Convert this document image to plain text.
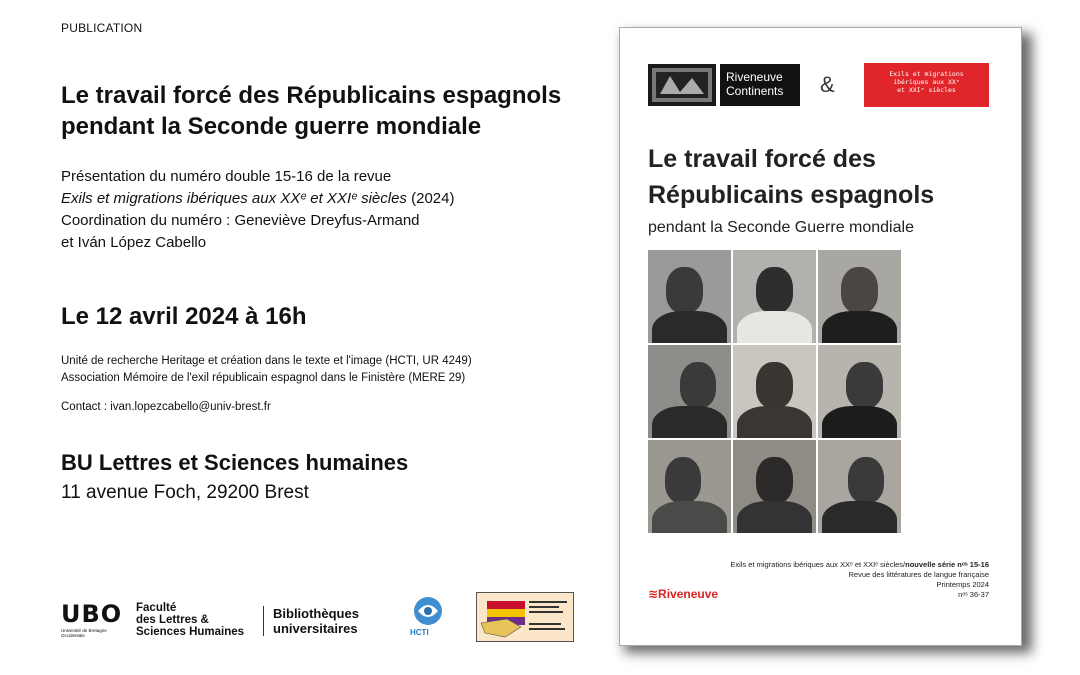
PUBLICATION
Le travail forcé des Républicains espagnols
pendant la Seconde guerre mondiale
Présentation du numéro double 15-16 de la revue
Exils et migrations ibériques aux XXᵉ et XXIᵉ siècles (2024)
Coordination du numéro : Geneviève Dreyfus-Armand
et Iván López Cabello
Le 12 avril 2024 à 16h
Unité de recherche Heritage et création dans le texte et l'image (HCTI, UR 4249)
Association Mémoire de l'exil républicain espagnol dans le Finistère (MERE 29)
Contact : ivan.lopezcabello@univ-brest.fr
BU Lettres et Sciences humaines
11 avenue Foch, 29200 Brest
UBO
Université de Bretagne Occidentale
Faculté
des Lettres &
Sciences Humaines
Bibliothèques
universitaires	HCTI
Riveneuve
Continents	&	Exils et migrations
ibériques aux XXᵉ
et XXIᵉ siècles
Le travail forcé des
Républicains espagnols
pendant la Seconde Guerre mondiale
Exils et migrations ibériques aux XXᵉ et XXIᵉ siècles/nouvelle série nᵒˢ 15-16
Revue des littératures de langue française
Printemps 2024
nᵒˢ 36-37
≋Riveneuve
